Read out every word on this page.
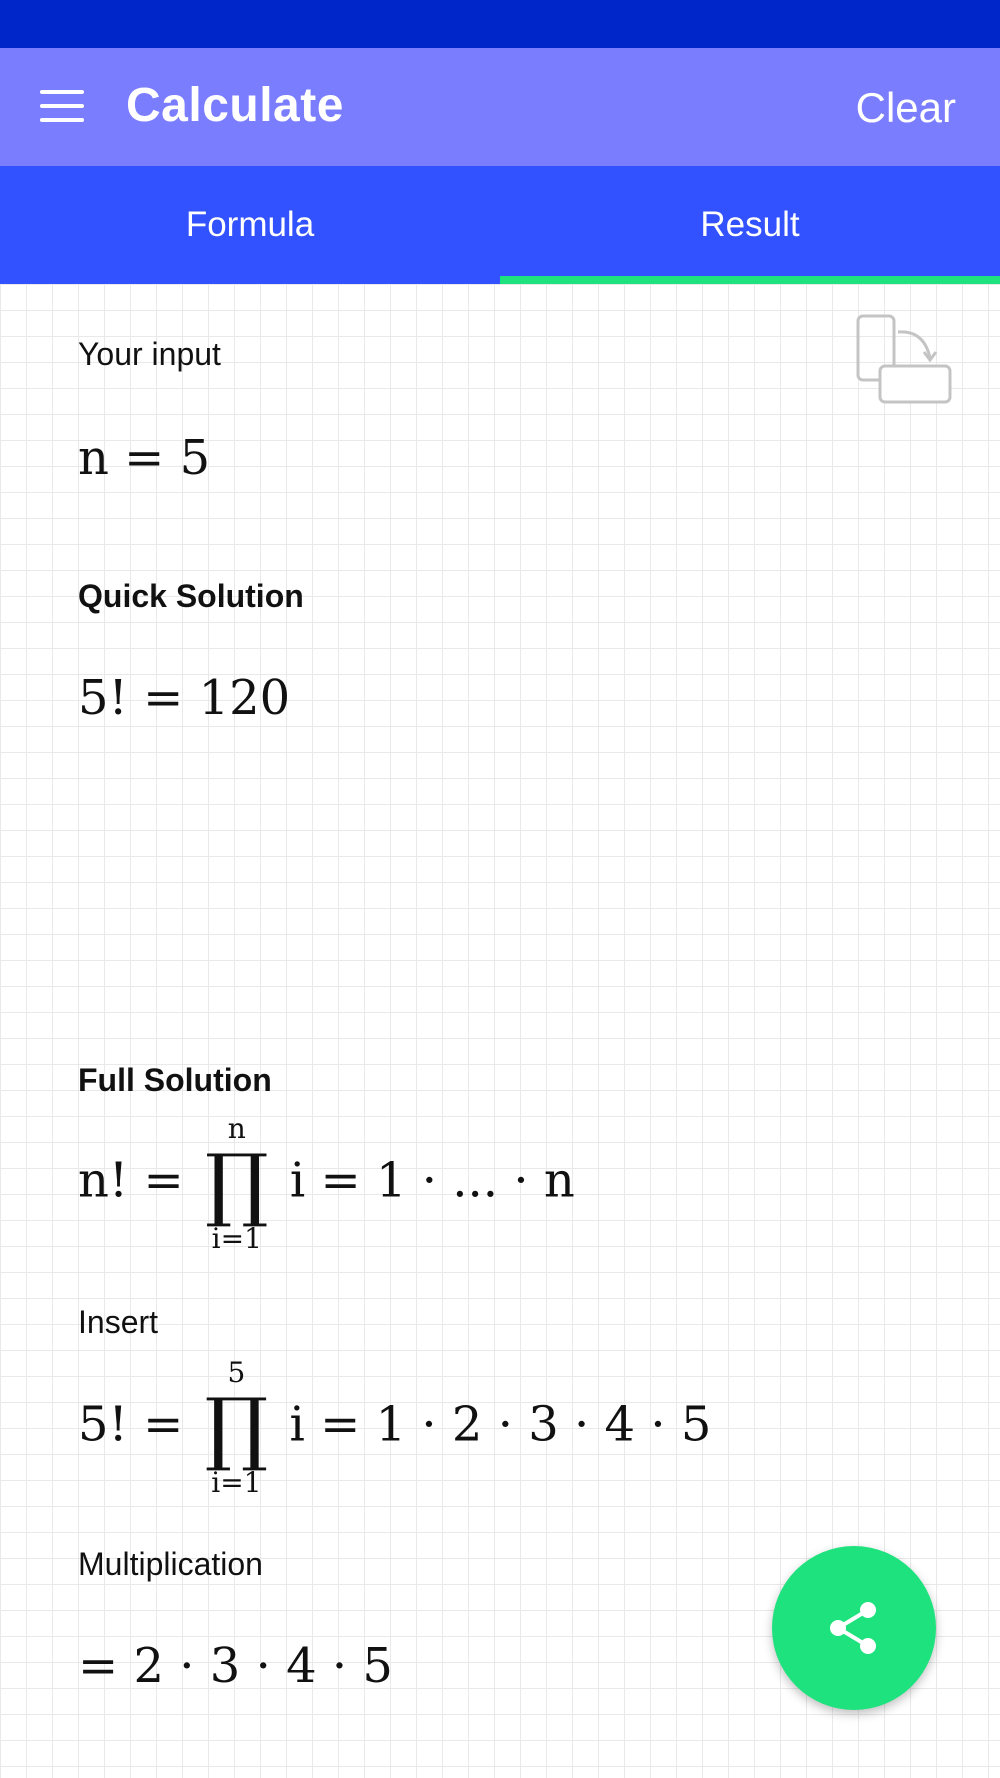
Calculate	Clear
Formula	Result
Your input
n = 5
Quick Solution
5! = 120
Full Solution
n! =
n
∏
i=1
i = 1 · ... · n
Insert
5! =
5
∏
i=1
i = 1 · 2 · 3 · 4 · 5
Multiplication
= 2 · 3 · 4 · 5
